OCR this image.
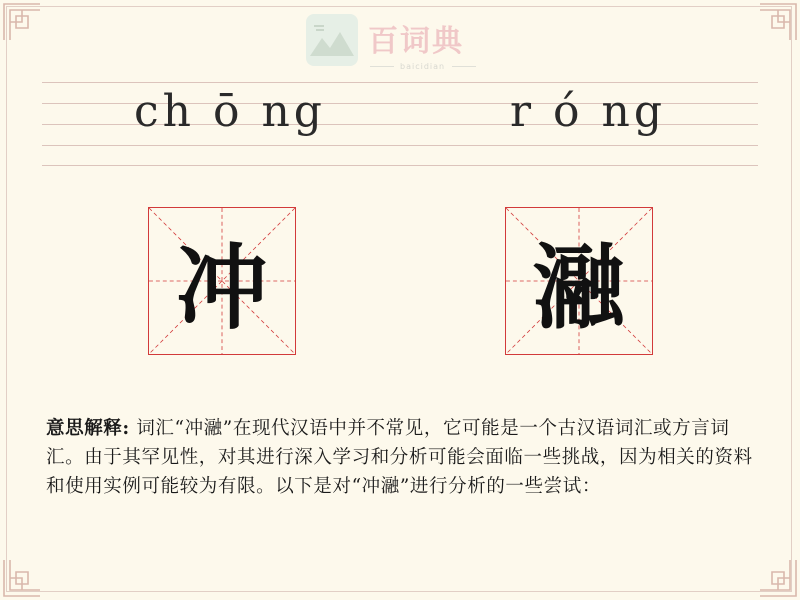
百词典
baicidian
ch ō ng	r ó ng
冲	瀜
意思解释: 词汇“冲瀜”在现代汉语中并不常见，它可能是一个古汉语词汇或方言词汇。由于其罕见性，对其进行深入学习和分析可能会面临一些挑战，因为相关的资料和使用实例可能较为有限。以下是对“冲瀜”进行分析的一些尝试：
